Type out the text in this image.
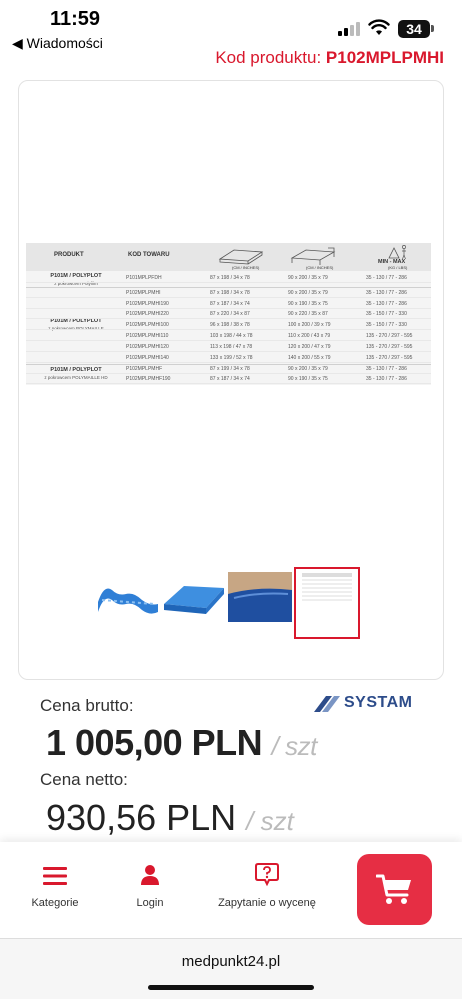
11:59
◀ Wiadomości
34
Kod produktu: P102MPLPMHI
PRODUKT	KOD TOWARU
MIN - MAX
(CM / INCHES)	(CM / INCHES)	(KG / LBS)
P101M / POLYPLOT
z pokrowcem Polyfilm
P101M / POLYPLOT
z pokrowcem POLYMAILLE
P101M / POLYPLOT
z pokrowcem POLYMAILLE HD
P101MPLPFDH	87 x 198 / 34 x 78	90 x 200 / 35 x 79	35 - 130 / 77 - 286
P102MPLPMHI	87 x 198 / 34 x 78	90 x 200 / 35 x 79	35 - 130 / 77 - 286
P102MPLPMHI190	87 x 187 / 34 x 74	90 x 190 / 35 x 75	35 - 130 / 77 - 286
P102MPLPMHI220	87 x 220 / 34 x 87	90 x 220 / 35 x 87	35 - 150 / 77 - 330
P102MPLPMHI100	96 x 198 / 38 x 78	100 x 200 / 39 x 79	35 - 150 / 77 - 330
P102MPLPMHI110	103 x 198 / 44 x 78	110 x 200 / 43 x 79	135 - 270 / 297 - 595
P102MPLPMHI120	113 x 198 / 47 x 78	120 x 200 / 47 x 79	135 - 270 / 297 - 595
P102MPLPMHI140	133 x 199 / 52 x 78	140 x 200 / 55 x 79	135 - 270 / 297 - 595
P102MPLPMHF	87 x 199 / 34 x 78	90 x 200 / 35 x 79	35 - 130 / 77 - 286
P102MPLPMHF190	87 x 187 / 34 x 74	90 x 190 / 35 x 75	35 - 130 / 77 - 286
Cena brutto:	SYSTAM
1 005,00 PLN / szt
Cena netto:
930,56 PLN / szt
Kategorie	Login	Zapytanie o wycenę
medpunkt24.pl
